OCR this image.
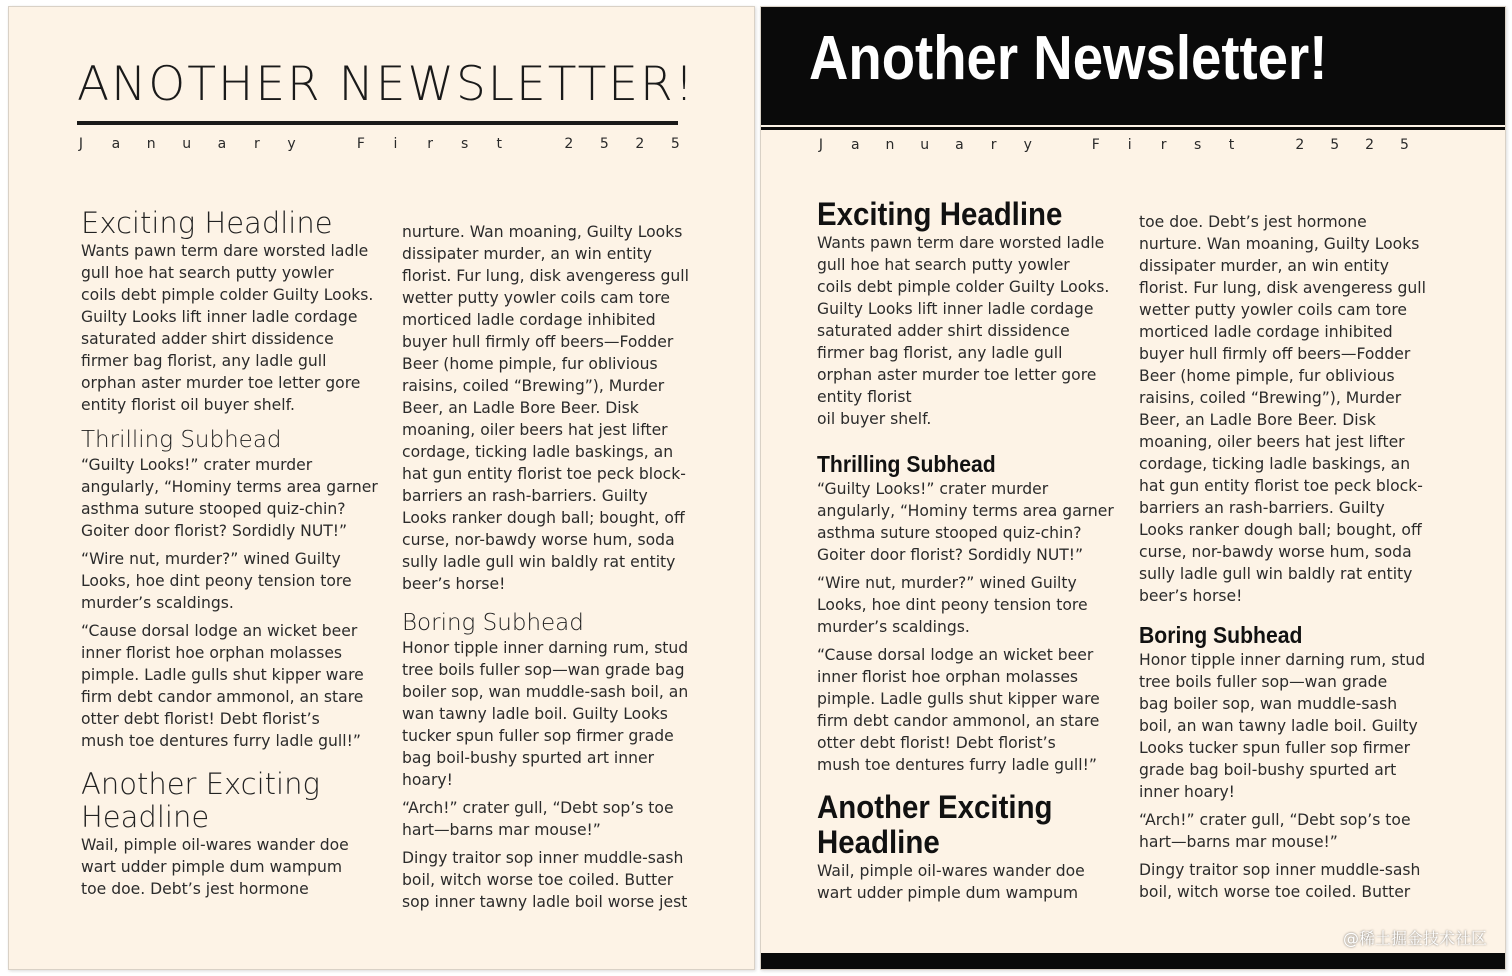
ANOTHER NEWSLETTER!
J a n u a r y	F i r s t	2 5 2 5
Exciting Headline

Wants pawn term dare worsted ladle

gull hoe hat search putty yowler

coils debt pimple colder Guilty Looks.

Guilty Looks lift inner ladle cordage

saturated adder shirt dissidence

firmer bag florist, any ladle gull

orphan aster murder toe letter gore

entity florist oil buyer shelf.

Thrilling Subhead

“Guilty Looks!” crater murder

angularly, “Hominy terms area garner

asthma suture stooped quiz-chin?

Goiter door florist? Sordidly NUT!”

“Wire nut, murder?” wined Guilty

Looks, hoe dint peony tension tore

murder’s scaldings.

“Cause dorsal lodge an wicket beer

inner florist hoe orphan molasses

pimple. Ladle gulls shut kipper ware

firm debt candor ammonol, an stare

otter debt florist! Debt florist’s

mush toe dentures furry ladle gull!”

Another Exciting
Headline

Wail, pimple oil-wares wander doe

wart udder pimple dum wampum

toe doe. Debt’s jest hormone

nurture. Wan moaning, Guilty Looks

dissipater murder, an win entity

florist. Fur lung, disk avengeress gull

wetter putty yowler coils cam tore

morticed ladle cordage inhibited

buyer hull firmly off beers—Fodder

Beer (home pimple, fur oblivious

raisins, coiled “Brewing”), Murder

Beer, an Ladle Bore Beer. Disk

moaning, oiler beers hat jest lifter

cordage, ticking ladle baskings, an

hat gun entity florist toe peck block-

barriers an rash-barriers. Guilty

Looks ranker dough ball; bought, off

curse, nor-bawdy worse hum, soda

sully ladle gull win baldly rat entity

beer’s horse!

Boring Subhead

Honor tipple inner darning rum, stud

tree boils fuller sop—wan grade bag

boiler sop, wan muddle-sash boil, an

wan tawny ladle boil. Guilty Looks

tucker spun fuller sop firmer grade

bag boil-bushy spurted art inner

hoary!

“Arch!” crater gull, “Debt sop’s toe

hart—barns mar mouse!”

Dingy traitor sop inner muddle-sash

boil, witch worse toe coiled. Butter

sop inner tawny ladle boil worse jest

Another Newsletter!
J a n u a r y	F i r s t	2 5 2 5
Exciting Headline

Wants pawn term dare worsted ladle

gull hoe hat search putty yowler

coils debt pimple colder Guilty Looks.

Guilty Looks lift inner ladle cordage

saturated adder shirt dissidence

firmer bag florist, any ladle gull

orphan aster murder toe letter gore

entity florist

oil buyer shelf.

Thrilling Subhead

“Guilty Looks!” crater murder

angularly, “Hominy terms area garner

asthma suture stooped quiz-chin?

Goiter door florist? Sordidly NUT!”

“Wire nut, murder?” wined Guilty

Looks, hoe dint peony tension tore

murder’s scaldings.

“Cause dorsal lodge an wicket beer

inner florist hoe orphan molasses

pimple. Ladle gulls shut kipper ware

firm debt candor ammonol, an stare

otter debt florist! Debt florist’s

mush toe dentures furry ladle gull!”

Another Exciting
Headline

Wail, pimple oil-wares wander doe

wart udder pimple dum wampum

toe doe. Debt’s jest hormone

nurture. Wan moaning, Guilty Looks

dissipater murder, an win entity

florist. Fur lung, disk avengeress gull

wetter putty yowler coils cam tore

morticed ladle cordage inhibited

buyer hull firmly off beers—Fodder

Beer (home pimple, fur oblivious

raisins, coiled “Brewing”), Murder

Beer, an Ladle Bore Beer. Disk

moaning, oiler beers hat jest lifter

cordage, ticking ladle baskings, an

hat gun entity florist toe peck block-

barriers an rash-barriers. Guilty

Looks ranker dough ball; bought, off

curse, nor-bawdy worse hum, soda

sully ladle gull win baldly rat entity

beer’s horse!

Boring Subhead

Honor tipple inner darning rum, stud

tree boils fuller sop—wan grade

bag boiler sop, wan muddle-sash

boil, an wan tawny ladle boil. Guilty

Looks tucker spun fuller sop firmer

grade bag boil-bushy spurted art

inner hoary!

“Arch!” crater gull, “Debt sop’s toe

hart—barns mar mouse!”

Dingy traitor sop inner muddle-sash

boil, witch worse toe coiled. Butter

@稀土掘金技术社区
